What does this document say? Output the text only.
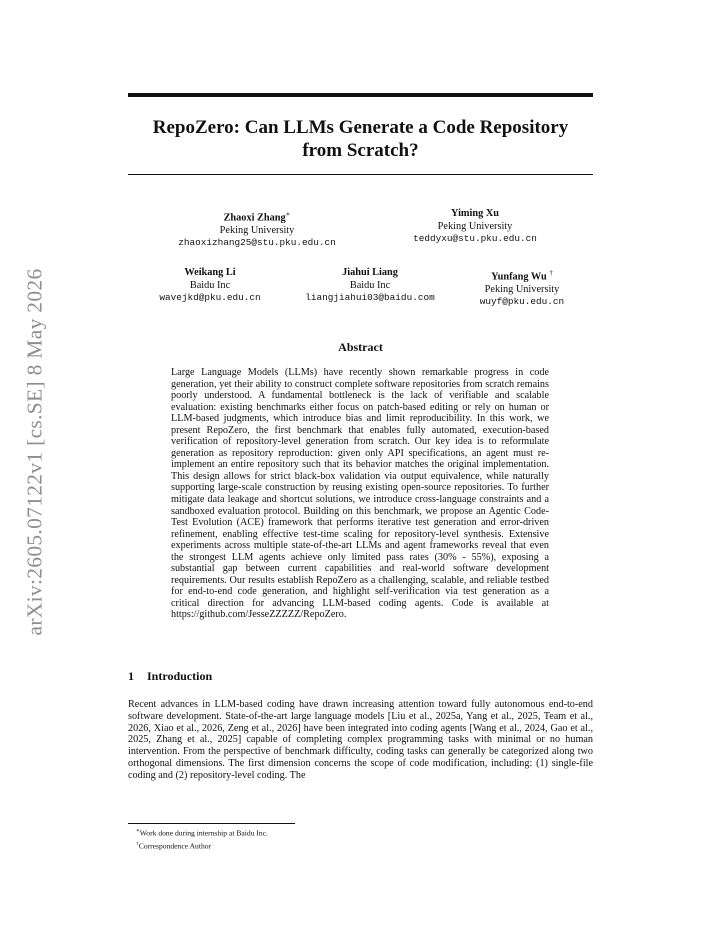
arXiv:2605.07122v1 [cs.SE] 8 May 2026
RepoZero: Can LLMs Generate a Code Repository
from Scratch?
Zhaoxi Zhang∗
Peking University
zhaoxizhang25@stu.pku.edu.cn
Yiming Xu
Peking University
teddyxu@stu.pku.edu.cn
Weikang Li
Baidu Inc
wavejkd@pku.edu.cn
Jiahui Liang
Baidu Inc
liangjiahui03@baidu.com
Yunfang Wu †
Peking University
wuyf@pku.edu.cn
Abstract
Large Language Models (LLMs) have recently shown remarkable progress in code generation, yet their ability to construct complete software repositories from scratch remains poorly understood. A fundamental bottleneck is the lack of verifiable and scalable evaluation: existing benchmarks either focus on patch-based editing or rely on human or LLM-based judgments, which introduce bias and limit reproducibility. In this work, we present RepoZero, the first benchmark that enables fully automated, execution-based verification of repository-level generation from scratch. Our key idea is to reformulate generation as repository reproduction: given only API specifications, an agent must re-implement an entire repository such that its behavior matches the original implementation. This design allows for strict black-box validation via output equivalence, while naturally supporting large-scale construction by reusing existing open-source repositories. To further mitigate data leakage and shortcut solutions, we introduce cross-language constraints and a sandboxed evaluation protocol. Building on this benchmark, we propose an Agentic Code-Test Evolution (ACE) framework that performs iterative test generation and error-driven refinement, enabling effective test-time scaling for repository-level synthesis. Extensive experiments across multiple state-of-the-art LLMs and agent frameworks reveal that even the strongest LLM agents achieve only limited pass rates (30% - 55%), exposing a substantial gap between current capabilities and real-world software development requirements. Our results establish RepoZero as a challenging, scalable, and reliable testbed for end-to-end code generation, and highlight self-verification via test generation as a critical direction for advancing LLM-based coding agents. Code is available at https://github.com/JesseZZZZZ/RepoZero.
1 Introduction
Recent advances in LLM-based coding have drawn increasing attention toward fully autonomous end-to-end software development. State-of-the-art large language models [Liu et al., 2025a, Yang et al., 2025, Team et al., 2026, Xiao et al., 2026, Zeng et al., 2026] have been integrated into coding agents [Wang et al., 2024, Gao et al., 2025, Zhang et al., 2025] capable of completing complex programming tasks with minimal or no human intervention. From the perspective of benchmark difficulty, coding tasks can generally be categorized along two orthogonal dimensions. The first dimension concerns the scope of code modification, including: (1) single-file coding and (2) repository-level coding. The
∗Work done during internship at Baidu Inc.
†Correspondence Author
